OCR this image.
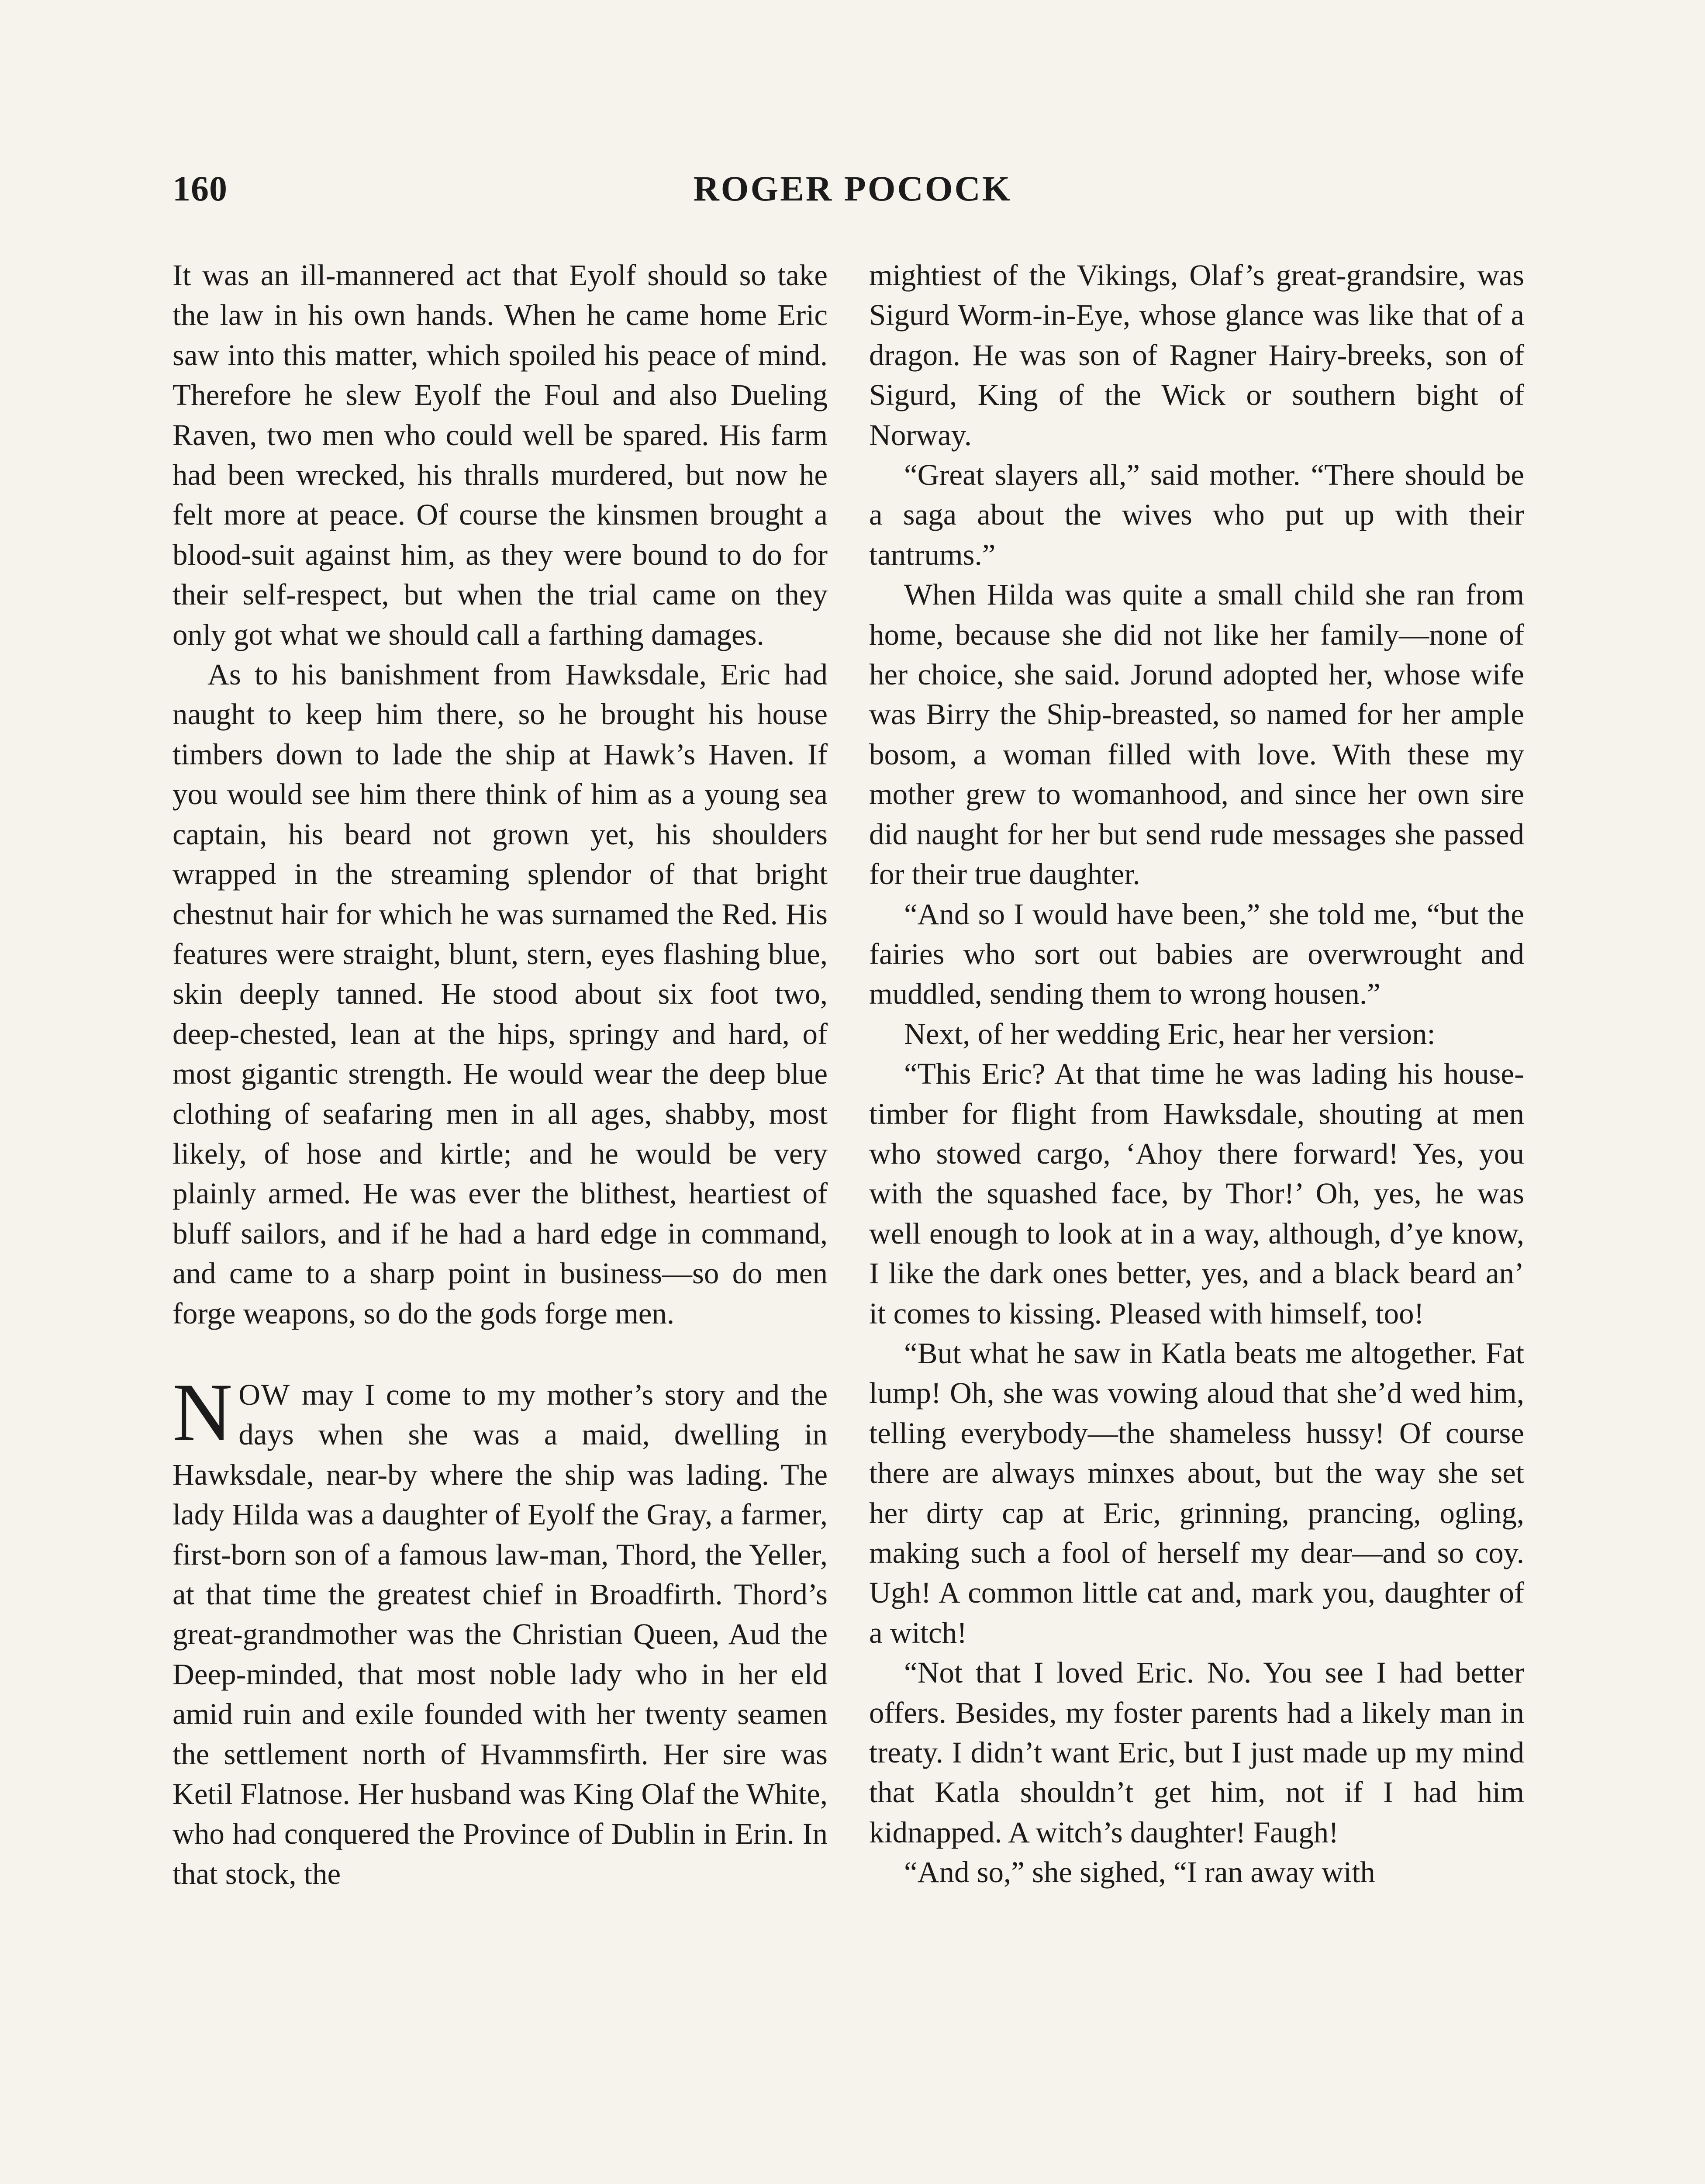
160	ROGER POCOCK

It was an ill-mannered act that Eyolf should so take the law in his own hands. When he came home Eric saw into this matter, which spoiled his peace of mind. Therefore he slew Eyolf the Foul and also Dueling Raven, two men who could well be spared. His farm had been wrecked, his thralls murdered, but now he felt more at peace. Of course the kinsmen brought a blood-suit against him, as they were bound to do for their self-respect, but when the trial came on they only got what we should call a farthing damages.

As to his banishment from Hawksdale, Eric had naught to keep him there, so he brought his house timbers down to lade the ship at Hawk’s Haven. If you would see him there think of him as a young sea captain, his beard not grown yet, his shoulders wrapped in the streaming splendor of that bright chestnut hair for which he was surnamed the Red. His features were straight, blunt, stern, eyes flashing blue, skin deeply tanned. He stood about six foot two, deep-chested, lean at the hips, springy and hard, of most gigantic strength. He would wear the deep blue clothing of seafaring men in all ages, shabby, most likely, of hose and kirtle; and he would be very plainly armed. He was ever the blithest, heartiest of bluff sailors, and if he had a hard edge in command, and came to a sharp point in business—so do men forge weapons, so do the gods forge men.

NOW may I come to my mother’s story and the days when she was a maid, dwelling in Hawksdale, near-by where the ship was lading. The lady Hilda was a daughter of Eyolf the Gray, a farmer, first-born son of a famous law-man, Thord, the Yeller, at that time the greatest chief in Broadfirth. Thord’s great-grandmother was the Christian Queen, Aud the Deep-minded, that most noble lady who in her eld amid ruin and exile founded with her twenty seamen the settlement north of Hvammsfirth. Her sire was Ketil Flatnose. Her husband was King Olaf the White, who had conquered the Province of Dublin in Erin. In that stock, the

mightiest of the Vikings, Olaf’s great-grandsire, was Sigurd Worm-in-Eye, whose glance was like that of a dragon. He was son of Ragner Hairy-breeks, son of Sigurd, King of the Wick or southern bight of Norway.

“Great slayers all,” said mother. “There should be a saga about the wives who put up with their tantrums.”

When Hilda was quite a small child she ran from home, because she did not like her family—none of her choice, she said. Jorund adopted her, whose wife was Birry the Ship-breasted, so named for her ample bosom, a woman filled with love. With these my mother grew to womanhood, and since her own sire did naught for her but send rude messages she passed for their true daughter.

“And so I would have been,” she told me, “but the fairies who sort out babies are overwrought and muddled, sending them to wrong housen.”

Next, of her wedding Eric, hear her version:

“This Eric? At that time he was lading his house-timber for flight from Hawksdale, shouting at men who stowed cargo, ‘Ahoy there forward! Yes, you with the squashed face, by Thor!’ Oh, yes, he was well enough to look at in a way, although, d’ye know, I like the dark ones better, yes, and a black beard an’ it comes to kissing. Pleased with himself, too!

“But what he saw in Katla beats me altogether. Fat lump! Oh, she was vowing aloud that she’d wed him, telling everybody—the shameless hussy! Of course there are always minxes about, but the way she set her dirty cap at Eric, grinning, prancing, ogling, making such a fool of herself my dear—and so coy. Ugh! A common little cat and, mark you, daughter of a witch!

“Not that I loved Eric. No. You see I had better offers. Besides, my foster parents had a likely man in treaty. I didn’t want Eric, but I just made up my mind that Katla shouldn’t get him, not if I had him kidnapped. A witch’s daughter! Faugh!

“And so,” she sighed, “I ran away with
